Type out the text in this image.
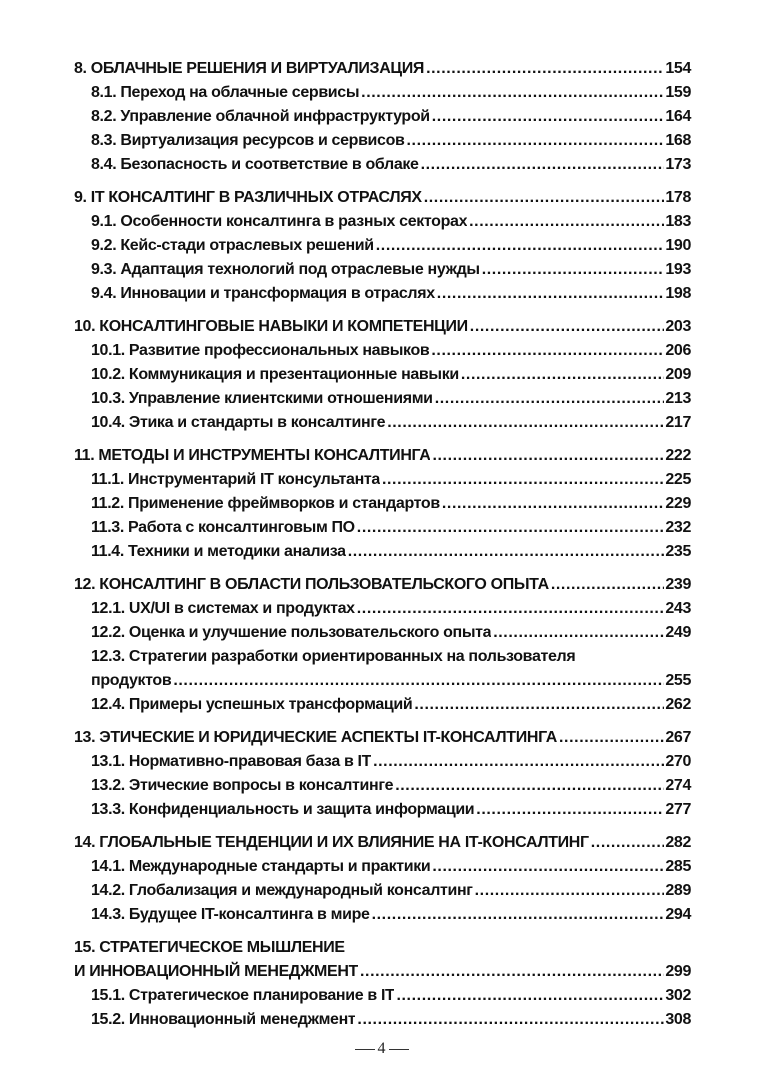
8. ОБЛАЧНЫЕ РЕШЕНИЯ И ВИРТУАЛИЗАЦИЯ .....	154
8.1. Переход на облачные сервисы .....	159
8.2. Управление облачной инфраструктурой .....	164
8.3. Виртуализация ресурсов и сервисов .....	168
8.4. Безопасность и соответствие в облаке .....	173
9. IT КОНСАЛТИНГ В РАЗЛИЧНЫХ ОТРАСЛЯХ .....	178
9.1. Особенности консалтинга в разных секторах .....	183
9.2. Кейс-стади отраслевых решений .....	190
9.3. Адаптация технологий под отраслевые нужды .....	193
9.4. Инновации и трансформация в отраслях .....	198
10. КОНСАЛТИНГОВЫЕ НАВЫКИ И КОМПЕТЕНЦИИ .....	203
10.1. Развитие профессиональных навыков .....	206
10.2. Коммуникация и презентационные навыки .....	209
10.3. Управление клиентскими отношениями .....	213
10.4. Этика и стандарты в консалтинге .....	217
11. МЕТОДЫ И ИНСТРУМЕНТЫ КОНСАЛТИНГА .....	222
11.1. Инструментарий IT консультанта .....	225
11.2. Применение фреймворков и стандартов .....	229
11.3. Работа с консалтинговым ПО .....	232
11.4. Техники и методики анализа .....	235
12. КОНСАЛТИНГ В ОБЛАСТИ ПОЛЬЗОВАТЕЛЬСКОГО ОПЫТА .....	239
12.1. UX/UI в системах и продуктах .....	243
12.2. Оценка и улучшение пользовательского опыта .....	249
12.3. Стратегии разработки ориентированных на пользователя
продуктов .....	255
12.4. Примеры успешных трансформаций .....	262
13. ЭТИЧЕСКИЕ И ЮРИДИЧЕСКИЕ АСПЕКТЫ IT-КОНСАЛТИНГА .....	267
13.1. Нормативно-правовая база в IT .....	270
13.2. Этические вопросы в консалтинге .....	274
13.3. Конфиденциальность и защита информации .....	277
14. ГЛОБАЛЬНЫЕ ТЕНДЕНЦИИ И ИХ ВЛИЯНИЕ НА IT-КОНСАЛТИНГ .....	282
14.1. Международные стандарты и практики .....	285
14.2. Глобализация и международный консалтинг .....	289
14.3. Будущее IT-консалтинга в мире .....	294
15. СТРАТЕГИЧЕСКОЕ МЫШЛЕНИЕ
И ИННОВАЦИОННЫЙ МЕНЕДЖМЕНТ .....	299
15.1. Стратегическое планирование в IT .....	302
15.2. Инновационный менеджмент .....	308
4
